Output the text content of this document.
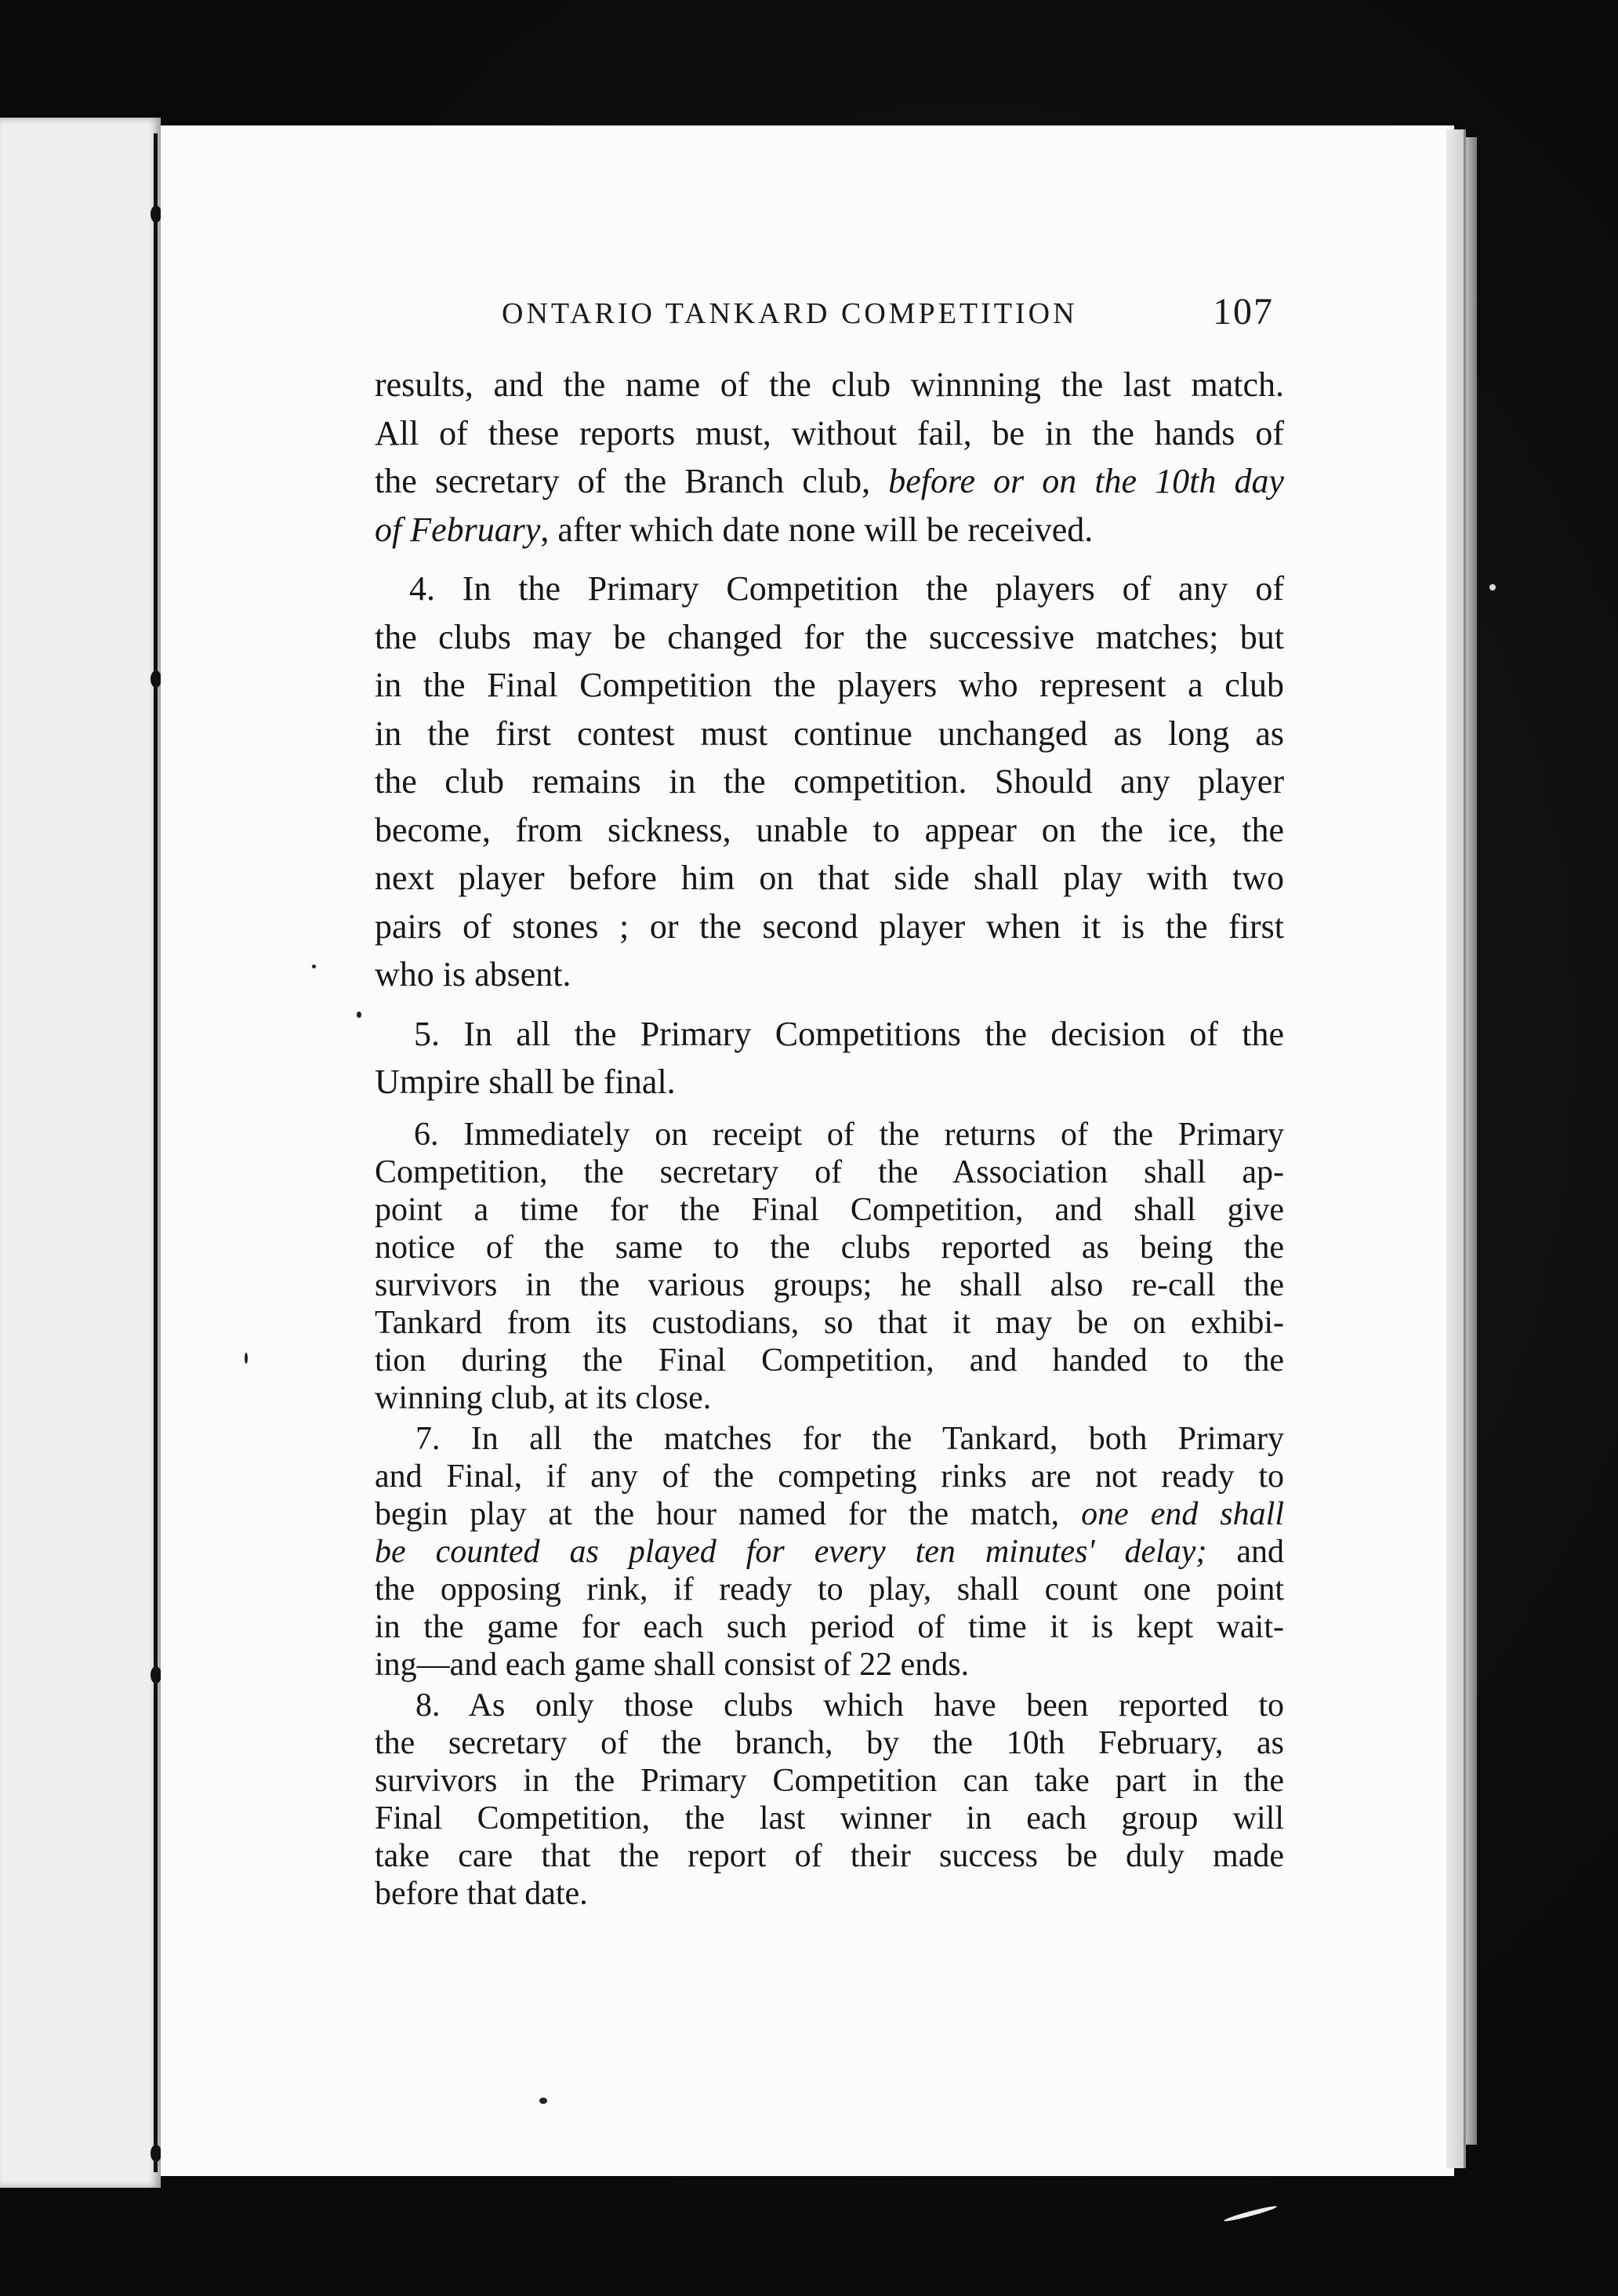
ONTARIO TANKARD COMPETITION	107
results, and the name of the club winnning the last match.
All of these reports must, without fail, be in the hands of
the secretary of the Branch club, before or on the 10th day
of February, after which date none will be received.
4. In the Primary Competition the players of any of
the clubs may be changed for the successive matches; but
in the Final Competition the players who represent a club
in the first contest must continue unchanged as long as
the club remains in the competition. Should any player
become, from sickness, unable to appear on the ice, the
next player before him on that side shall play with two
pairs of stones ; or the second player when it is the first
who is absent.
5. In all the Primary Competitions the decision of the
Umpire shall be final.
6. Immediately on receipt of the returns of the Primary
Competition, the secretary of the Association shall ap-
point a time for the Final Competition, and shall give
notice of the same to the clubs reported as being the
survivors in the various groups; he shall also re-call the
Tankard from its custodians, so that it may be on exhibi-
tion during the Final Competition, and handed to the
winning club, at its close.
7. In all the matches for the Tankard, both Primary
and Final, if any of the competing rinks are not ready to
begin play at the hour named for the match, one end shall
be counted as played for every ten minutes' delay; and
the opposing rink, if ready to play, shall count one point
in the game for each such period of time it is kept wait-
ing—and each game shall consist of 22 ends.
8. As only those clubs which have been reported to
the secretary of the branch, by the 10th February, as
survivors in the Primary Competition can take part in the
Final Competition, the last winner in each group will
take care that the report of their success be duly made
before that date.
